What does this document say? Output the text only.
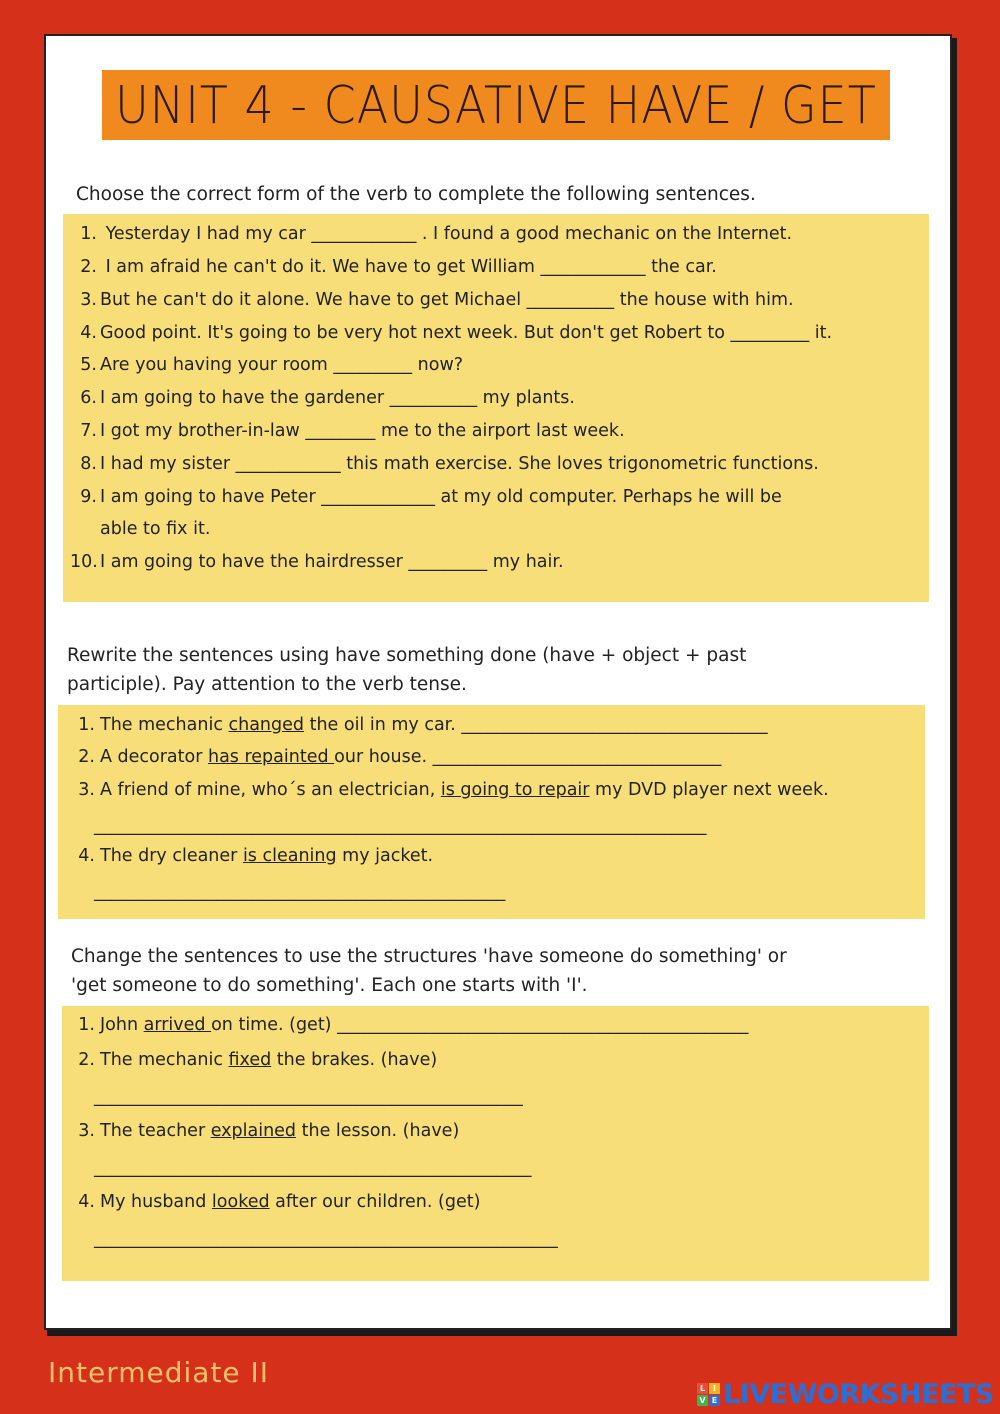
UNIT 4 - CAUSATIVE HAVE / GET
Choose the correct form of the verb to complete the following sentences.
1. Yesterday I had my car ____________ . I found a good mechanic on the Internet.
2. I am afraid he can't do it. We have to get William ____________ the car.
3. But he can't do it alone. We have to get Michael __________ the house with him.
4. Good point. It's going to be very hot next week. But don't get Robert to _________ it.
5. Are you having your room _________ now?
6. I am going to have the gardener __________ my plants.
7. I got my brother-in-law ________ me to the airport last week.
8. I had my sister ____________ this math exercise. She loves trigonometric functions.
9. I am going to have Peter _____________ at my old computer. Perhaps he will be
able to fix it.
10. I am going to have the hairdresser _________ my hair.
Rewrite the sentences using have something done (have + object + past
participle). Pay attention to the verb tense.
1. The mechanic changed the oil in my car. ___________________________________
2. A decorator has repainted our house. _________________________________
3. A friend of mine, who´s an electrician, is going to repair my DVD player next week.
4. The dry cleaner is cleaning my jacket.
______________________________________________________________________
_______________________________________________
Change the sentences to use the structures 'have someone do something' or
'get someone to do something'. Each one starts with 'I'.
1. John arrived on time. (get) _______________________________________________
2. The mechanic fixed the brakes. (have)
3. The teacher explained the lesson. (have)
4. My husband looked after our children. (get)
_________________________________________________
__________________________________________________
_____________________________________________________
Intermediate II	L I
V E LIVEWORKSHEETS
